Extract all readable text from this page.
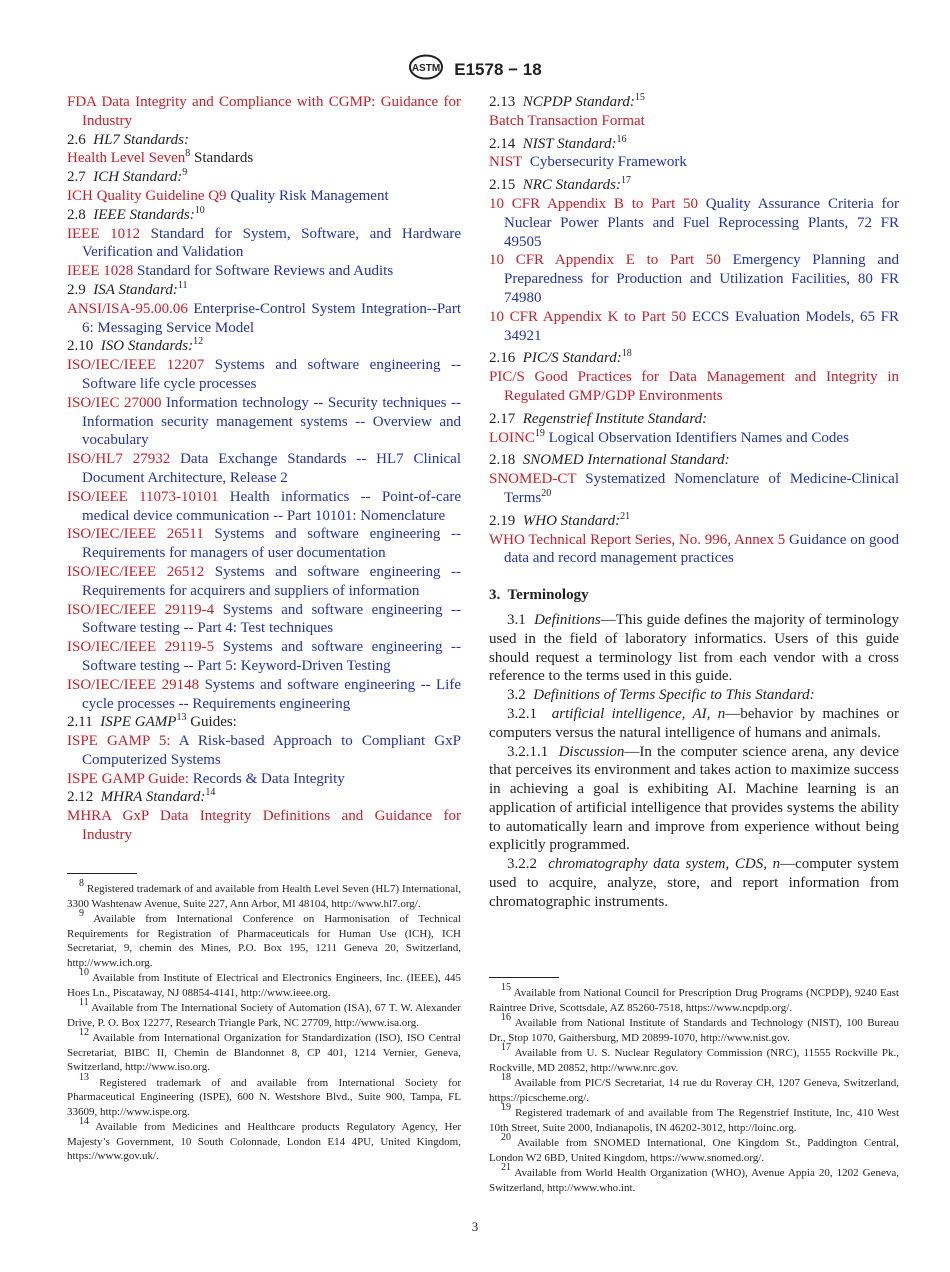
ASTM E1578 − 18

FDA Data Integrity and Compliance with CGMP: Guidance for Industry

2.6 HL7 Standards:

Health Level Seven$^8$ Standards

2.7 ICH Standard:$^9$

ICH Quality Guideline Q9 Quality Risk Management

2.8 IEEE Standards:$^{10}$

IEEE 1012 Standard for System, Software, and Hardware Verification and Validation

IEEE 1028 Standard for Software Reviews and Audits

2.9 ISA Standard:$^{11}$

ANSI/ISA-95.00.06 Enterprise-Control System Integration--Part 6: Messaging Service Model

2.10 ISO Standards:$^{12}$

ISO/IEC/IEEE 12207 Systems and software engineering -- Software life cycle processes

ISO/IEC 27000 Information technology -- Security techniques -- Information security management systems -- Overview and vocabulary

ISO/HL7 27932 Data Exchange Standards -- HL7 Clinical Document Architecture, Release 2

ISO/IEEE 11073-10101 Health informatics -- Point-of-care medical device communication -- Part 10101: Nomenclature

ISO/IEC/IEEE 26511 Systems and software engineering -- Requirements for managers of user documentation

ISO/IEC/IEEE 26512 Systems and software engineering -- Requirements for acquirers and suppliers of information

ISO/IEC/IEEE 29119-4 Systems and software engineering -- Software testing -- Part 4: Test techniques

ISO/IEC/IEEE 29119-5 Systems and software engineering -- Software testing -- Part 5: Keyword-Driven Testing

ISO/IEC/IEEE 29148 Systems and software engineering -- Life cycle processes -- Requirements engineering

2.11 ISPE GAMP$^{13}$ Guides:

ISPE GAMP 5: A Risk-based Approach to Compliant GxP Computerized Systems

ISPE GAMP Guide: Records & Data Integrity

2.12 MHRA Standard:$^{14}$

MHRA GxP Data Integrity Definitions and Guidance for Industry

2.13 NCPDP Standard:$^{15}$

Batch Transaction Format

2.14 NIST Standard:$^{16}$

NIST Cybersecurity Framework

2.15 NRC Standards:$^{17}$

10 CFR Appendix B to Part 50 Quality Assurance Criteria for Nuclear Power Plants and Fuel Reprocessing Plants, 72 FR 49505

10 CFR Appendix E to Part 50 Emergency Planning and Preparedness for Production and Utilization Facilities, 80 FR 74980

10 CFR Appendix K to Part 50 ECCS Evaluation Models, 65 FR 34921

2.16 PIC/S Standard:$^{18}$

PIC/S Good Practices for Data Management and Integrity in Regulated GMP/GDP Environments

2.17 Regenstrief Institute Standard:

LOINC$^{19}$ Logical Observation Identifiers Names and Codes

2.18 SNOMED International Standard:

SNOMED-CT Systematized Nomenclature of Medicine-Clinical Terms$^{20}$

2.19 WHO Standard:$^{21}$

WHO Technical Report Series, No. 996, Annex 5 Guidance on good data and record management practices

3. Terminology

3.1 Definitions—This guide defines the majority of terminology used in the field of laboratory informatics. Users of this guide should request a terminology list from each vendor with a cross reference to the terms used in this guide.

3.2 Definitions of Terms Specific to This Standard:

3.2.1 artificial intelligence, AI, n—behavior by machines or computers versus the natural intelligence of humans and animals.

3.2.1.1 Discussion—In the computer science arena, any device that perceives its environment and takes action to maximize success in achieving a goal is exhibiting AI. Machine learning is an application of artificial intelligence that provides systems the ability to automatically learn and improve from experience without being explicitly programmed.

3.2.2 chromatography data system, CDS, n—computer system used to acquire, analyze, store, and report information from chromatographic instruments.

$^8$ Registered trademark of and available from Health Level Seven (HL7) International, 3300 Washtenaw Avenue, Suite 227, Ann Arbor, MI 48104, http://www.hl7.org/.

$^9$ Available from International Conference on Harmonisation of Technical Requirements for Registration of Pharmaceuticals for Human Use (ICH), ICH Secretariat, 9, chemin des Mines, P.O. Box 195, 1211 Geneva 20, Switzerland, http://www.ich.org.

$^{10}$ Available from Institute of Electrical and Electronics Engineers, Inc. (IEEE), 445 Hoes Ln., Piscataway, NJ 08854-4141, http://www.ieee.org.

$^{11}$ Available from The International Society of Automation (ISA), 67 T. W. Alexander Drive, P. O. Box 12277, Research Triangle Park, NC 27709, http://www.isa.org.

$^{12}$ Available from International Organization for Standardization (ISO), ISO Central Secretariat, BIBC II, Chemin de Blandonnet 8, CP 401, 1214 Vernier, Geneva, Switzerland, http://www.iso.org.

$^{13}$ Registered trademark of and available from International Society for Pharmaceutical Engineering (ISPE), 600 N. Westshore Blvd., Suite 900, Tampa, FL 33609, http://www.ispe.org.

$^{14}$ Available from Medicines and Healthcare products Regulatory Agency, Her Majesty’s Government, 10 South Colonnade, London E14 4PU, United Kingdom, https://www.gov.uk/.

$^{15}$ Available from National Council for Prescription Drug Programs (NCPDP), 9240 East Raintree Drive, Scottsdale, AZ 85260-7518, https://www.ncpdp.org/.

$^{16}$ Available from National Institute of Standards and Technology (NIST), 100 Bureau Dr., Stop 1070, Gaithersburg, MD 20899-1070, http://www.nist.gov.

$^{17}$ Available from U. S. Nuclear Regulatory Commission (NRC), 11555 Rockville Pk., Rockville, MD 20852, http://www.nrc.gov.

$^{18}$ Available from PIC/S Secretariat, 14 rue du Roveray CH, 1207 Geneva, Switzerland, https://picscheme.org/.

$^{19}$ Registered trademark of and available from The Regenstrief Institute, Inc, 410 West 10th Street, Suite 2000, Indianapolis, IN 46202-3012, http://loinc.org.

$^{20}$ Available from SNOMED International, One Kingdom St., Paddington Central, London W2 6BD, United Kingdom, https://www.snomed.org/.

$^{21}$ Available from World Health Organization (WHO), Avenue Appia 20, 1202 Geneva, Switzerland, http://www.who.int.

3
